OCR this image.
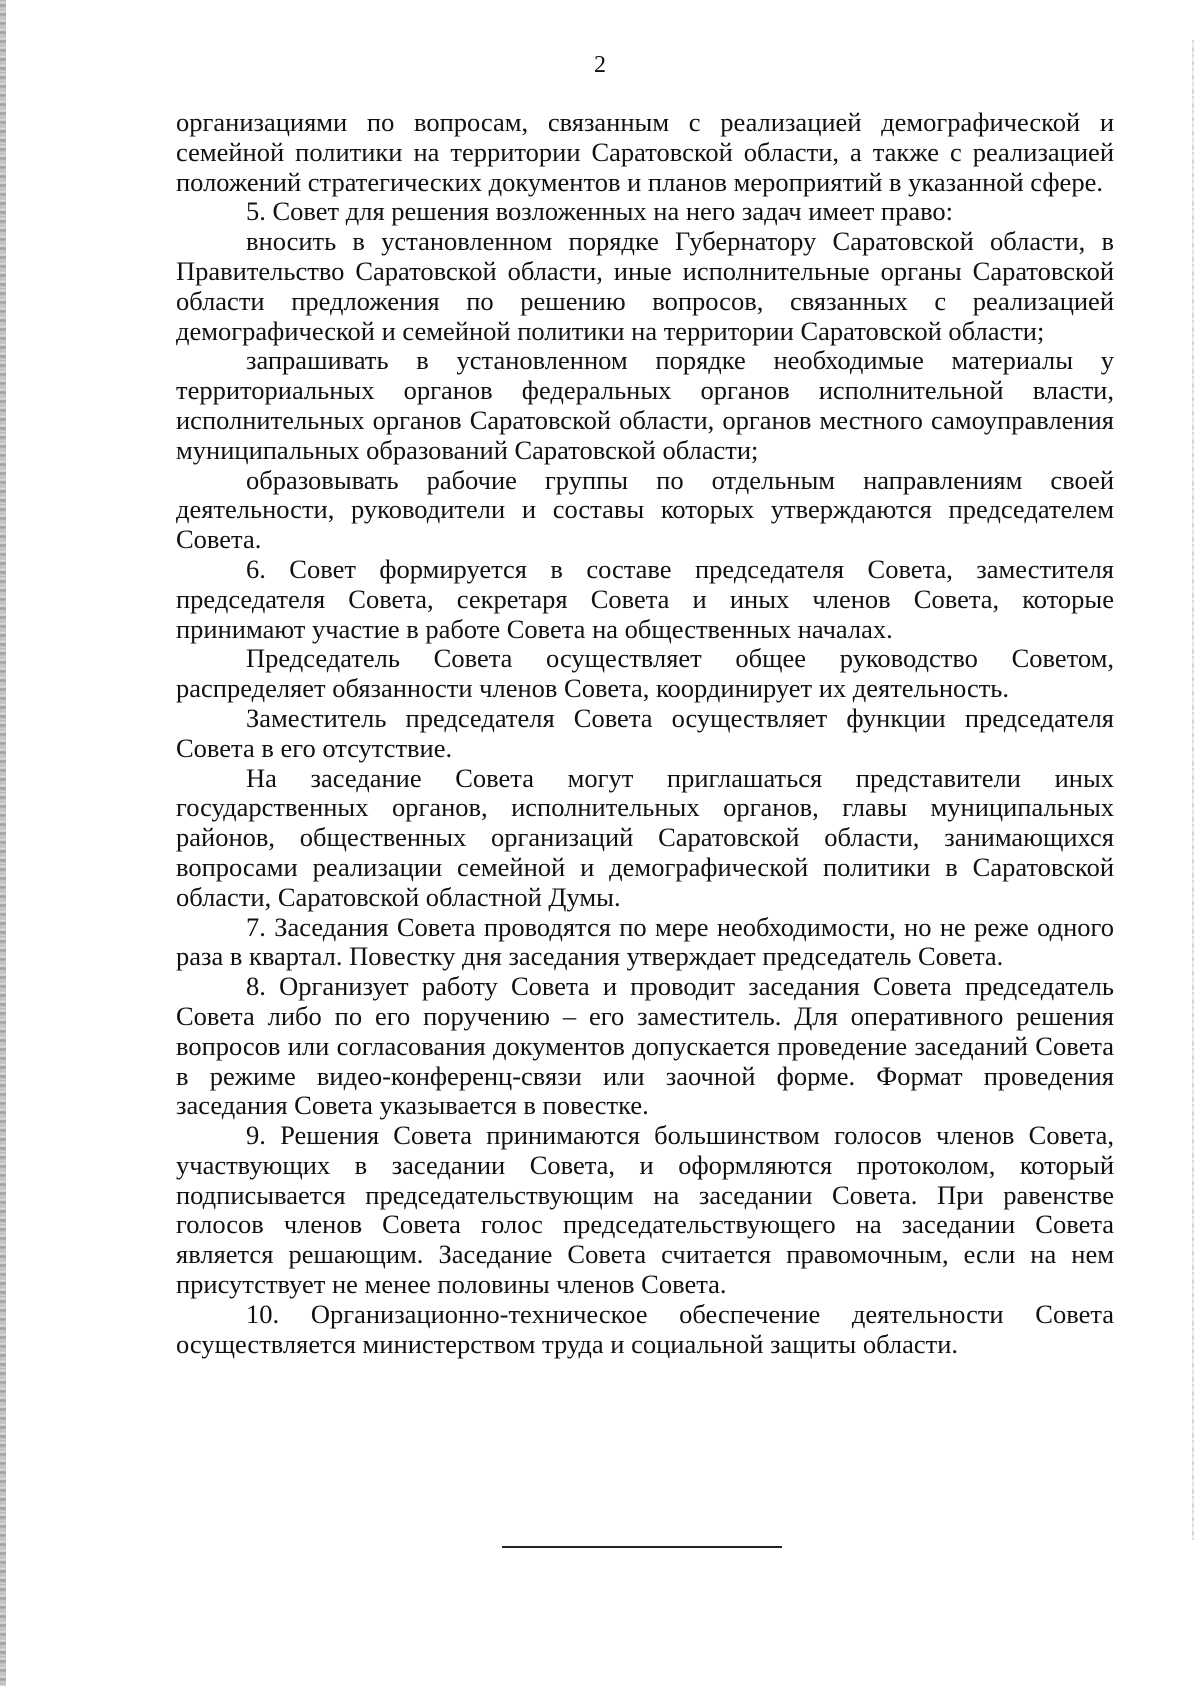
2

организациями по вопросам, связанным с реализацией демографической и семейной политики на территории Саратовской области, а также с реализацией положений стратегических документов и планов мероприятий в указанной сфере.

5. Совет для решения возложенных на него задач имеет право:

вносить в установленном порядке Губернатору Саратовской области, в Правительство Саратовской области, иные исполнительные органы Саратовской области предложения по решению вопросов, связанных с реализацией демографической и семейной политики на территории Саратовской области;

запрашивать в установленном порядке необходимые материалы у территориальных органов федеральных органов исполнительной власти, исполнительных органов Саратовской области, органов местного самоуправления муниципальных образований Саратовской области;

образовывать рабочие группы по отдельным направлениям своей деятельности, руководители и составы которых утверждаются председателем Совета.

6. Совет формируется в составе председателя Совета, заместителя председателя Совета, секретаря Совета и иных членов Совета, которые принимают участие в работе Совета на общественных началах.

Председатель Совета осуществляет общее руководство Советом, распределяет обязанности членов Совета, координирует их деятельность.

Заместитель председателя Совета осуществляет функции председателя Совета в его отсутствие.

На заседание Совета могут приглашаться представители иных государственных органов, исполнительных органов, главы муниципальных районов, общественных организаций Саратовской области, занимающихся вопросами реализации семейной и демографической политики в Саратовской области, Саратовской областной Думы.

7. Заседания Совета проводятся по мере необходимости, но не реже одного раза в квартал. Повестку дня заседания утверждает председатель Совета.

8. Организует работу Совета и проводит заседания Совета председатель Совета либо по его поручению – его заместитель. Для оперативного решения вопросов или согласования документов допускается проведение заседаний Совета в режиме видео-конференц-связи или заочной форме. Формат проведения заседания Совета указывается в повестке.

9. Решения Совета принимаются большинством голосов членов Совета, участвующих в заседании Совета, и оформляются протоколом, который подписывается председательствующим на заседании Совета. При равенстве голосов членов Совета голос председательствующего на заседании Совета является решающим. Заседание Совета считается правомочным, если на нем присутствует не менее половины членов Совета.

10. Организационно-техническое обеспечение деятельности Совета осуществляется министерством труда и социальной защиты области.
